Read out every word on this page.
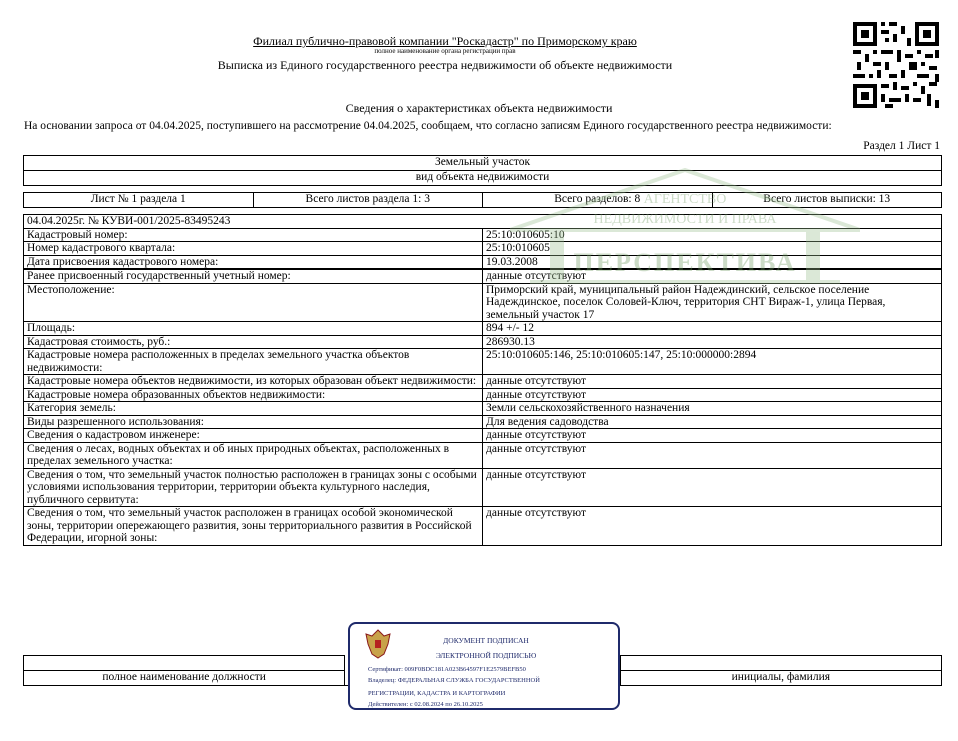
Филиал публично-правовой компании "Роскадастр" по Приморскому краю
полное наименование органа регистрации прав
Выписка из Единого государственного реестра недвижимости об объекте недвижимости
Сведения о характеристиках объекта недвижимости
На основании запроса от 04.04.2025, поступившего на рассмотрение 04.04.2025, сообщаем, что согласно записям Единого государственного реестра недвижимости:
Раздел 1 Лист 1
Земельный участок
вид объекта недвижимости
Лист № 1 раздела 1	Всего листов раздела 1: 3	Всего разделов: 8	Всего листов выписки: 13
04.04.2025г. № КУВИ-001/2025-83495243	
Кадастровый номер:	25:10:010605:10
Номер кадастрового квартала:	25:10:010605
Дата присвоения кадастрового номера:	19.03.2008
Ранее присвоенный государственный учетный номер:	данные отсутствуют
Местоположение:	Приморский край, муниципальный район Надеждинский, сельское поселение Надеждинское, поселок Соловей-Ключ, территория СНТ Вираж-1, улица Первая, земельный участок 17
Площадь:	894 +/- 12
Кадастровая стоимость, руб.:	286930.13
Кадастровые номера расположенных в пределах земельного участка объектов недвижимости:	25:10:010605:146, 25:10:010605:147, 25:10:000000:2894
Кадастровые номера объектов недвижимости, из которых образован объект недвижимости:	данные отсутствуют
Кадастровые номера образованных объектов недвижимости:	данные отсутствуют
Категория земель:	Земли сельскохозяйственного назначения
Виды разрешенного использования:	Для ведения садоводства
Сведения о кадастровом инженере:	данные отсутствуют
Сведения о лесах, водных объектах и об иных природных объектах, расположенных в пределах земельного участка:	данные отсутствуют
Сведения о том, что земельный участок полностью расположен в границах зоны с особыми условиями использования территории, территории объекта культурного наследия, публичного сервитута:	данные отсутствуют
Сведения о том, что земельный участок расположен в границах особой экономической зоны, территории опережающего развития, зоны территориального развития в Российской Федерации, игорной зоны:	данные отсутствуют
АГЕНТСТВО
НЕДВИЖИМОСТИ И ПРАВА
ПЕРСПЕКТИВА

полное наименование должности		инициалы, фамилия
ДОКУМЕНТ ПОДПИСАН
ЭЛЕКТРОННОЙ ПОДПИСЬЮ
Сертификат: 009F0BDC181A023B64597F1E2579BEFB50
Владелец: ФЕДЕРАЛЬНАЯ СЛУЖБА ГОСУДАРСТВЕННОЙ
РЕГИСТРАЦИИ, КАДАСТРА И КАРТОГРАФИИ
Действителен: с 02.08.2024 по 26.10.2025
